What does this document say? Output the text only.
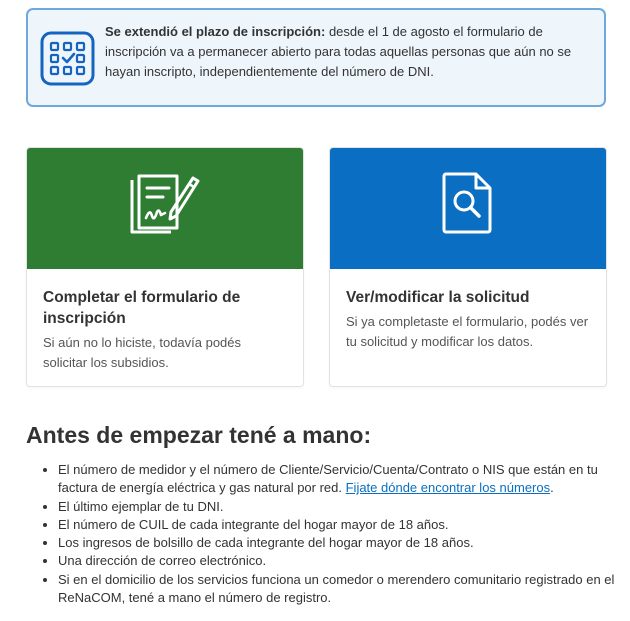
Se extendió el plazo de inscripción: desde el 1 de agosto el formulario de inscripción va a permanecer abierto para todas aquellas personas que aún no se hayan inscripto, independientemente del número de DNI.
Completar el formulario de inscripción

Si aún no lo hiciste, todavía podés solicitar los subsidios.

Ver/modificar la solicitud

Si ya completaste el formulario, podés ver tu solicitud y modificar los datos.

Antes de empezar tené a mano:
• El número de medidor y el número de Cliente/Servicio/Cuenta/Contrato o NIS que están en tu factura de energía eléctrica y gas natural por red. Fijate dónde encontrar los números.
• El último ejemplar de tu DNI.
• El número de CUIL de cada integrante del hogar mayor de 18 años.
• Los ingresos de bolsillo de cada integrante del hogar mayor de 18 años.
• Una dirección de correo electrónico.
• Si en el domicilio de los servicios funciona un comedor o merendero comunitario registrado en el ReNaCOM, tené a mano el número de registro.
